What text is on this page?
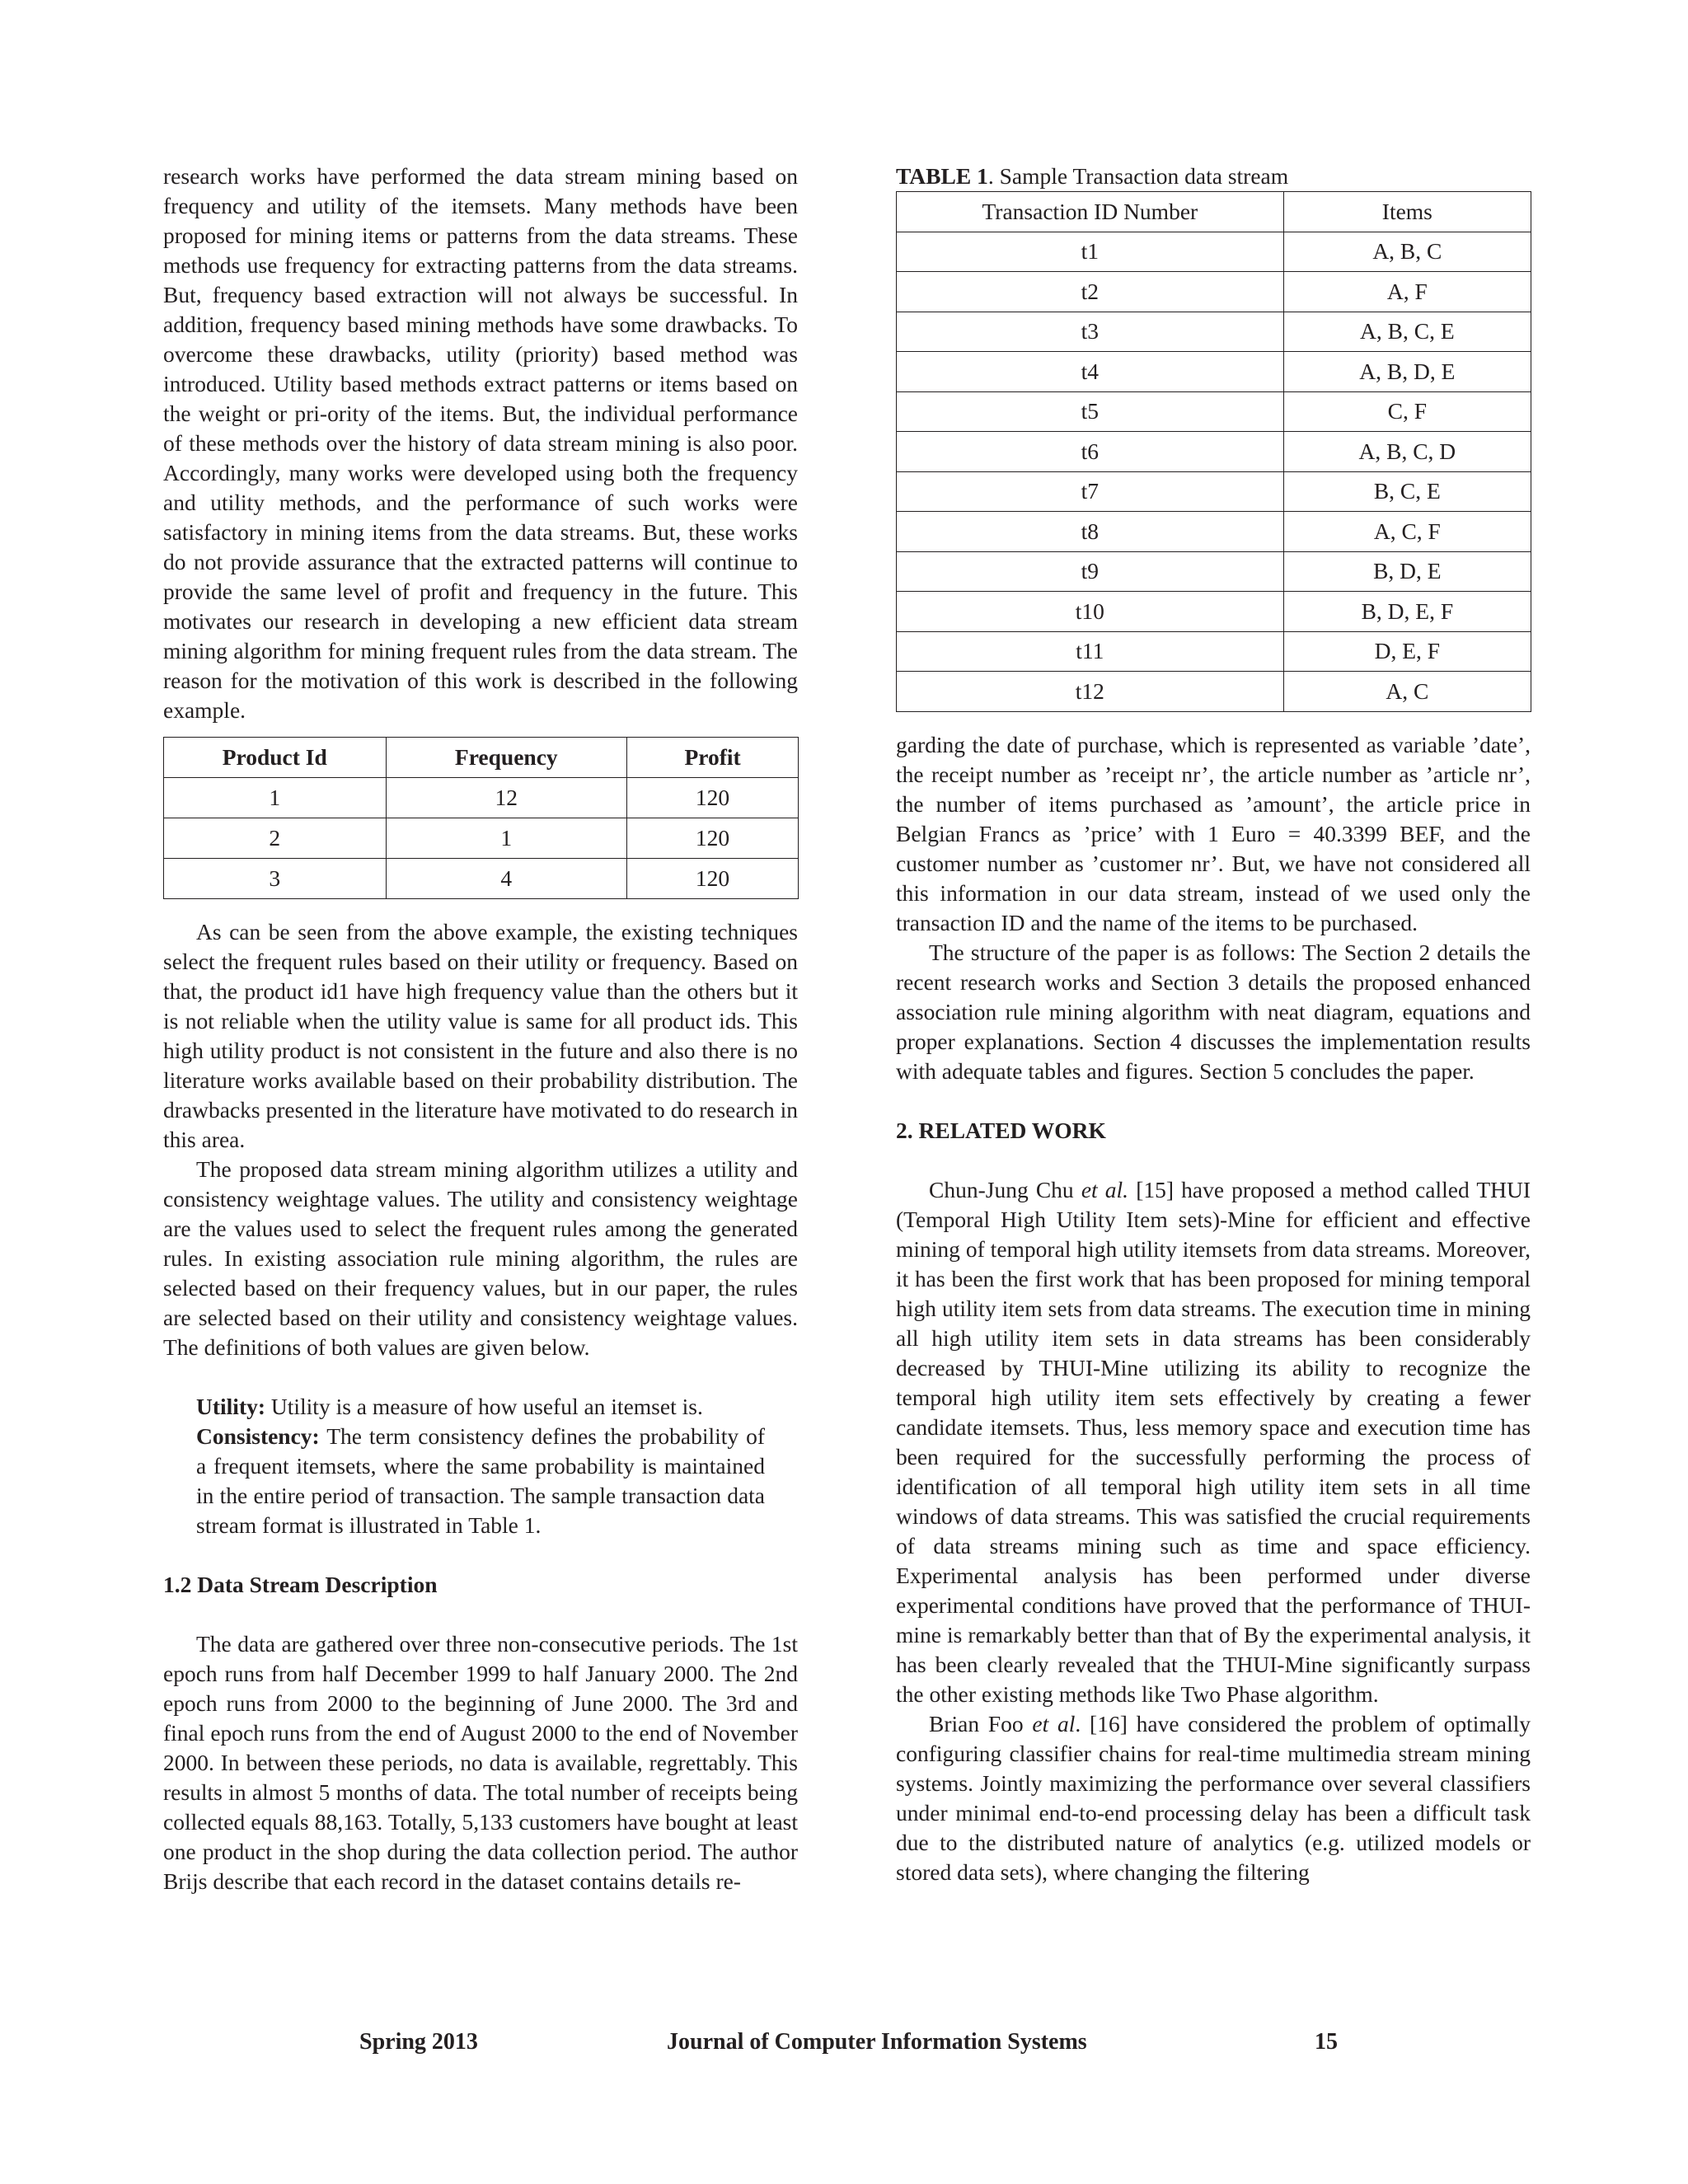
research works have performed the data stream mining based on frequency and utility of the itemsets. Many methods have been proposed for mining items or patterns from the data streams. These methods use frequency for extracting patterns from the data streams. But, frequency based extraction will not always be successful. In addition, frequency based mining methods have some drawbacks. To overcome these drawbacks, utility (priority) based method was introduced. Utility based methods extract patterns or items based on the weight or pri-ority of the items. But, the individual performance of these methods over the history of data stream mining is also poor. Accordingly, many works were developed using both the frequency and utility methods, and the performance of such works were satisfactory in mining items from the data streams. But, these works do not provide assurance that the extracted patterns will continue to provide the same level of profit and frequency in the future. This motivates our research in developing a new efficient data stream mining algorithm for mining frequent rules from the data stream. The reason for the motivation of this work is described in the following example.

Product Id	Frequency	Profit
1	12	120
2	1	120
3	4	120

As can be seen from the above example, the existing techniques select the frequent rules based on their utility or frequency. Based on that, the product id1 have high frequency value than the others but it is not reliable when the utility value is same for all product ids. This high utility product is not consistent in the future and also there is no literature works available based on their probability distribution. The drawbacks presented in the literature have motivated to do research in this area.

The proposed data stream mining algorithm utilizes a utility and consistency weightage values. The utility and consistency weightage are the values used to select the frequent rules among the generated rules. In existing association rule mining algorithm, the rules are selected based on their frequency values, but in our paper, the rules are selected based on their utility and consistency weightage values. The definitions of both values are given below.

Utility: Utility is a measure of how useful an itemset is.

Consistency: The term consistency defines the probability of a frequent itemsets, where the same probability is maintained in the entire period of transaction. The sample transaction data stream format is illustrated in Table 1.

1.2 Data Stream Description

The data are gathered over three non-consecutive periods. The 1st epoch runs from half December 1999 to half January 2000. The 2nd epoch runs from 2000 to the beginning of June 2000. The 3rd and final epoch runs from the end of August 2000 to the end of November 2000. In between these periods, no data is available, regrettably. This results in almost 5 months of data. The total number of receipts being collected equals 88,163. Totally, 5,133 customers have bought at least one product in the shop during the data collection period. The author Brijs describe that each record in the dataset contains details re-

TABLE 1. Sample Transaction data stream

Transaction ID Number	Items
t1	A, B, C
t2	A, F
t3	A, B, C, E
t4	A, B, D, E
t5	C, F
t6	A, B, C, D
t7	B, C, E
t8	A, C, F
t9	B, D, E
t10	B, D, E, F
t11	D, E, F
t12	A, C

garding the date of purchase, which is represented as variable ’date’, the receipt number as ’receipt nr’, the article number as ’article nr’, the number of items purchased as ’amount’, the article price in Belgian Francs as ’price’ with 1 Euro = 40.3399 BEF, and the customer number as ’customer nr’. But, we have not considered all this information in our data stream, instead of we used only the transaction ID and the name of the items to be purchased.

The structure of the paper is as follows: The Section 2 details the recent research works and Section 3 details the proposed enhanced association rule mining algorithm with neat diagram, equations and proper explanations. Section 4 discusses the implementation results with adequate tables and figures. Section 5 concludes the paper.

2. RELATED WORK

Chun-Jung Chu et al. [15] have proposed a method called THUI (Temporal High Utility Item sets)-Mine for efficient and effective mining of temporal high utility itemsets from data streams. Moreover, it has been the first work that has been proposed for mining temporal high utility item sets from data streams. The execution time in mining all high utility item sets in data streams has been considerably decreased by THUI-Mine utilizing its ability to recognize the temporal high utility item sets effectively by creating a fewer candidate itemsets. Thus, less memory space and execution time has been required for the successfully performing the process of identification of all temporal high utility item sets in all time windows of data streams. This was satisfied the crucial requirements of data streams mining such as time and space efficiency. Experimental analysis has been performed under diverse experimental conditions have proved that the performance of THUI-mine is remarkably better than that of By the experimental analysis, it has been clearly revealed that the THUI-Mine significantly surpass the other existing methods like Two Phase algorithm.

Brian Foo et al. [16] have considered the problem of optimally configuring classifier chains for real-time multimedia stream mining systems. Jointly maximizing the performance over several classifiers under minimal end-to-end processing delay has been a difficult task due to the distributed nature of analytics (e.g. utilized models or stored data sets), where changing the filtering

Spring 2013	Journal of Computer Information Systems	15
